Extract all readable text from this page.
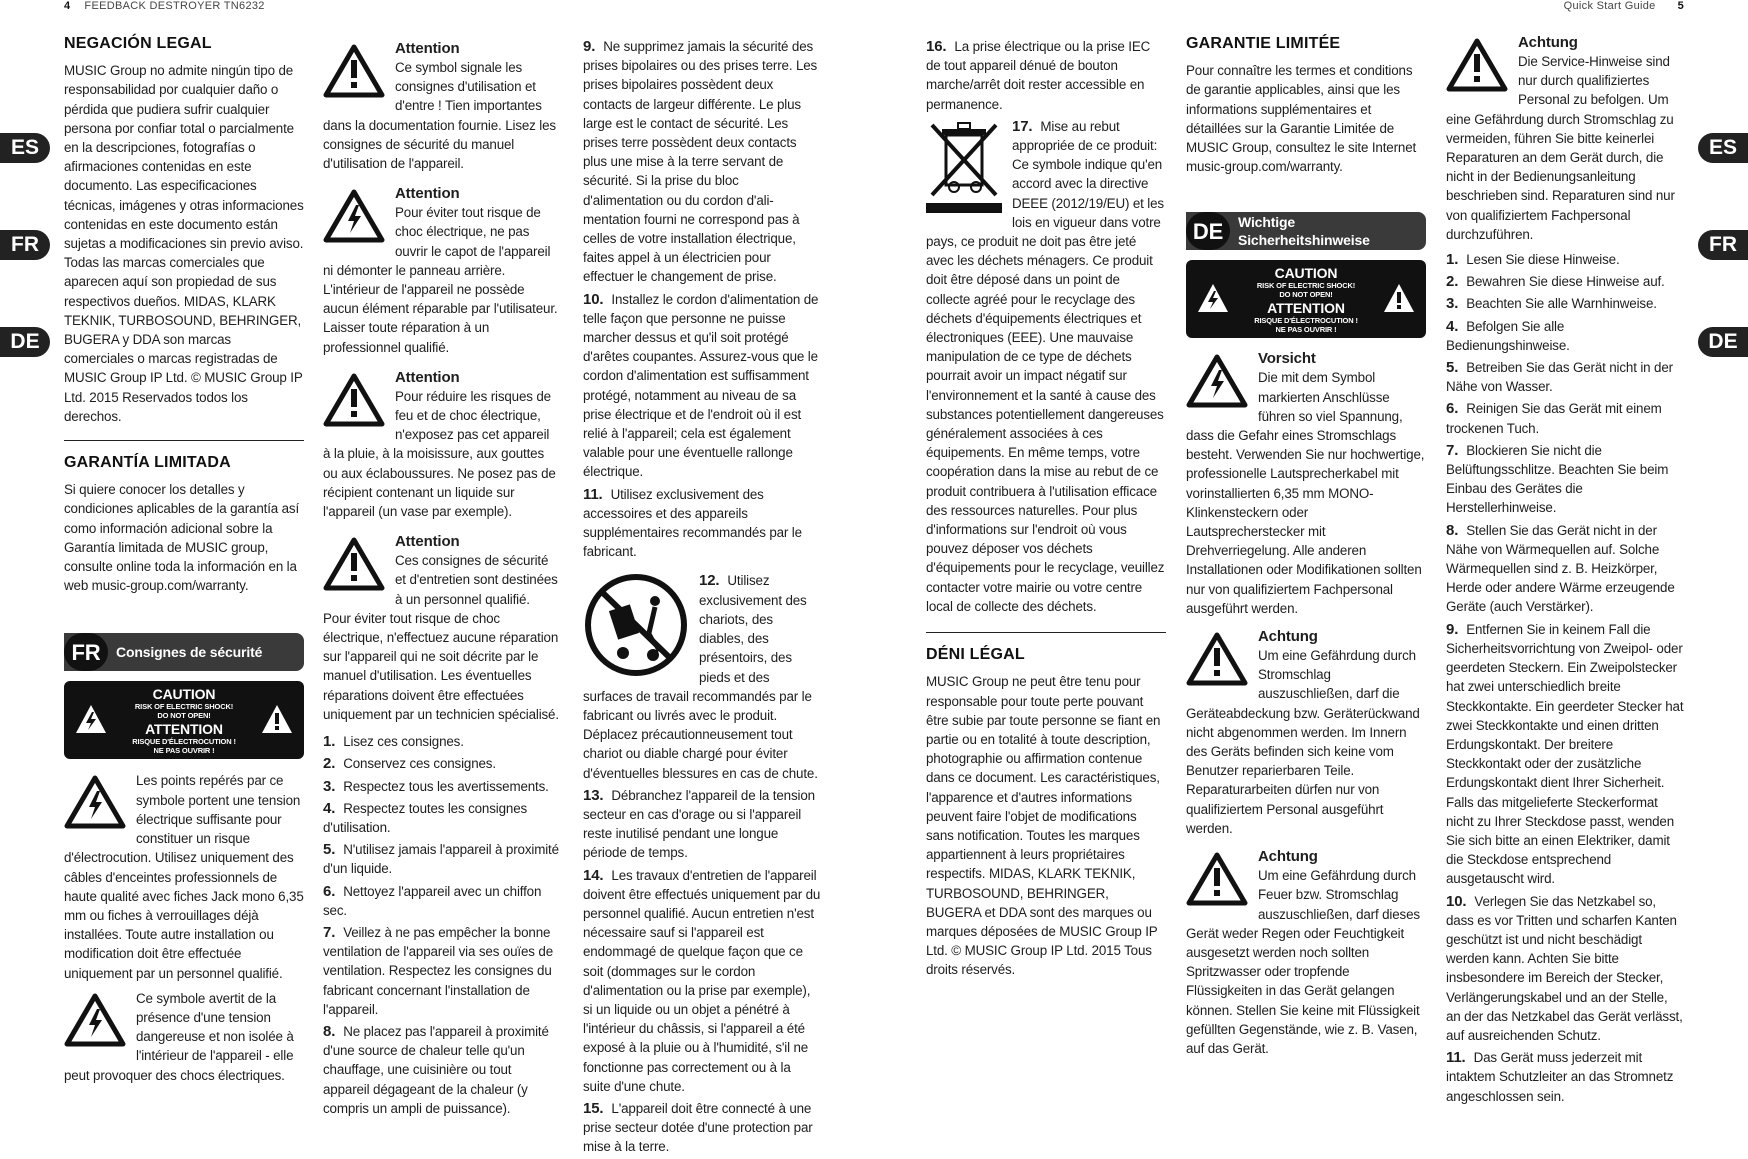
4 FEEDBACK DESTROYER TN6232	Quick Start Guide 5
ES
FR
DE
ES
FR
DE
NEGACIÓN LEGAL

MUSIC Group no admite ningún tipo de responsabilidad por cualquier daño o pérdida que pudiera sufrir cualquier persona por confiar total o parcialmente en la descripciones, fotografías o afirmaciones contenidas en este documento. Las especificaciones técnicas, imágenes y otras informaciones contenidas en este documento están sujetas a modificaciones sin previo aviso. Todas las marcas comerciales que aparecen aquí son propiedad de sus respectivos dueños. MIDAS, KLARK TEKNIK, TURBOSOUND, BEHRINGER, BUGERA y DDA son marcas comerciales o marcas registradas de MUSIC Group IP Ltd. © MUSIC Group IP Ltd. 2015 Reservados todos los derechos.

GARANTÍA LIMITADA

Si quiere conocer los detalles y condiciones aplicables de la garantía así como información adicional sobre la Garantía limitada de MUSIC group, consulte online toda la información en la web music-group.com/warranty.

FR	Consignes de sécurité
CAUTION
RISK OF ELECTRIC SHOCK!
DO NOT OPEN!
ATTENTION
RISQUE D'ÉLECTROCUTION !
NE PAS OUVRIR !

Les points repérés par ce symbole portent une tension électrique suffisante pour constituer un risque d'électrocution. Utilisez uniquement des câbles d'enceintes professionnels de haute qualité avec fiches Jack mono 6,35 mm ou fiches à verrouillages déjà installées. Toute autre installation ou modification doit être effectuée uniquement par un personnel qualifié.

Ce symbole avertit de la présence d'une tension dangereuse et non isolée à l'intérieur de l'appareil - elle peut provoquer des chocs électriques.

Attention

Ce symbol signale les consignes d'utilisation et d'entre ! Tien importantes dans la documentation fournie. Lisez les consignes de sécurité du manuel d'utilisation de l'appareil.

Attention

Pour éviter tout risque de choc électrique, ne pas ouvrir le capot de l'appareil ni démonter le panneau arrière. L'intérieur de l'appareil ne possède aucun élément réparable par l'utilisateur. Laisser toute réparation à un professionnel qualifié.

Attention

Pour réduire les risques de feu et de choc électrique, n'exposez pas cet appareil à la pluie, à la moisissure, aux gouttes ou aux éclaboussures. Ne posez pas de récipient contenant un liquide sur l'appareil (un vase par exemple).

Attention

Ces consignes de sécurité et d'entretien sont destinées à un personnel qualifié. Pour éviter tout risque de choc électrique, n'effectuez aucune réparation sur l'appareil qui ne soit décrite par le manuel d'utilisation. Les éventuelles réparations doivent être effectuées uniquement par un technicien spécialisé.

1. Lisez ces consignes.
2. Conservez ces consignes.
3. Respectez tous les avertissements.
4. Respectez toutes les consignes d'utilisation.
5. N'utilisez jamais l'appareil à proximité d'un liquide.
6. Nettoyez l'appareil avec un chiffon sec.
7. Veillez à ne pas empêcher la bonne ventilation de l'appareil via ses ouïes de ventilation. Respectez les consignes du fabricant concernant l'installation de l'appareil.
8. Ne placez pas l'appareil à proximité d'une source de chaleur telle qu'un chauffage, une cuisinière ou tout appareil dégageant de la chaleur (y compris un ampli de puissance).
9. Ne supprimez jamais la sécurité des prises bipolaires ou des prises terre. Les prises bipolaires possèdent deux contacts de largeur différente. Le plus large est le contact de sécurité. Les prises terre possèdent deux contacts plus une mise à la terre servant de sécurité. Si la prise du bloc d'alimentation ou du cordon d'ali-mentation fourni ne correspond pas à celles de votre installation électrique, faites appel à un électricien pour effectuer le changement de prise.
10. Installez le cordon d'alimentation de telle façon que personne ne puisse marcher dessus et qu'il soit protégé d'arêtes coupantes. Assurez-vous que le cordon d'alimentation est suffisamment protégé, notamment au niveau de sa prise électrique et de l'endroit où il est relié à l'appareil; cela est également valable pour une éventuelle rallonge électrique.
11. Utilisez exclusivement des accessoires et des appareils supplémentaires recommandés par le fabricant.
12. Utilisez exclusivement des chariots, des diables, des présentoirs, des pieds et des surfaces de travail recommandés par le fabricant ou livrés avec le produit. Déplacez précautionneusement tout chariot ou diable chargé pour éviter d'éventuelles blessures en cas de chute.
13. Débranchez l'appareil de la tension secteur en cas d'orage ou si l'appareil reste inutilisé pendant une longue période de temps.
14. Les travaux d'entretien de l'appareil doivent être effectués uniquement par du personnel qualifié. Aucun entretien n'est nécessaire sauf si l'appareil est endommagé de quelque façon que ce soit (dommages sur le cordon d'alimentation ou la prise par exemple), si un liquide ou un objet a pénétré à l'intérieur du châssis, si l'appareil a été exposé à la pluie ou à l'humidité, s'il ne fonctionne pas correctement ou à la suite d'une chute.
15. L'appareil doit être connecté à une prise secteur dotée d'une protection par mise à la terre.
16. La prise électrique ou la prise IEC de tout appareil dénué de bouton marche/arrêt doit rester accessible en permanence.
17. Mise au rebut appropriée de ce produit: Ce symbole indique qu'en accord avec la directive DEEE (2012/19/EU) et les lois en vigueur dans votre pays, ce produit ne doit pas être jeté avec les déchets ménagers. Ce produit doit être déposé dans un point de collecte agréé pour le recyclage des déchets d'équipements électriques et électroniques (EEE). Une mauvaise manipulation de ce type de déchets pourrait avoir un impact négatif sur l'environnement et la santé à cause des substances potentiellement dangereuses généralement associées à ces équipements. En même temps, votre coopération dans la mise au rebut de ce produit contribuera à l'utilisation efficace des ressources naturelles. Pour plus d'informations sur l'endroit où vous pouvez déposer vos déchets d'équipements pour le recyclage, veuillez contacter votre mairie ou votre centre local de collecte des déchets.
DÉNI LÉGAL

MUSIC Group ne peut être tenu pour responsable pour toute perte pouvant être subie par toute personne se fiant en partie ou en totalité à toute description, photographie ou affirmation contenue dans ce document. Les caractéristiques, l'apparence et d'autres informations peuvent faire l'objet de modifications sans notification. Toutes les marques appartiennent à leurs propriétaires respectifs. MIDAS, KLARK TEKNIK, TURBOSOUND, BEHRINGER, BUGERA et DDA sont des marques ou marques déposées de MUSIC Group IP Ltd. © MUSIC Group IP Ltd. 2015 Tous droits réservés.

GARANTIE LIMITÉE

Pour connaître les termes et conditions de garantie applicables, ainsi que les informations supplémentaires et détaillées sur la Garantie Limitée de MUSIC Group, consultez le site Internet music-group.com/warranty.

DE	Wichtige
Sicherheitshinweise
CAUTION
RISK OF ELECTRIC SHOCK!
DO NOT OPEN!
ATTENTION
RISQUE D'ÉLECTROCUTION !
NE PAS OUVRIR !
Vorsicht

Die mit dem Symbol markierten Anschlüsse führen so viel Spannung, dass die Gefahr eines Stromschlags besteht. Verwenden Sie nur hochwertige, professionelle Lautsprecherkabel mit vorinstallierten 6,35 mm MONO-Klinkensteckern oder Lautsprecherstecker mit Drehverriegelung. Alle anderen Installationen oder Modifikationen sollten nur von qualifiziertem Fachpersonal ausgeführt werden.

Achtung

Um eine Gefährdung durch Stromschlag auszuschließen, darf die Geräteabdeckung bzw. Geräterückwand nicht abgenommen werden. Im Innern des Geräts befinden sich keine vom Benutzer reparierbaren Teile. Reparaturarbeiten dürfen nur von qualifiziertem Personal ausgeführt werden.

Achtung

Um eine Gefährdung durch Feuer bzw. Stromschlag auszuschließen, darf dieses Gerät weder Regen oder Feuchtigkeit ausgesetzt werden noch sollten Spritzwasser oder tropfende Flüssigkeiten in das Gerät gelangen können. Stellen Sie keine mit Flüssigkeit gefüllten Gegenstände, wie z. B. Vasen, auf das Gerät.

Achtung

Die Service-Hinweise sind nur durch qualifiziertes Personal zu befolgen. Um eine Gefährdung durch Stromschlag zu vermeiden, führen Sie bitte keinerlei Reparaturen an dem Gerät durch, die nicht in der Bedienungsanleitung beschrieben sind. Reparaturen sind nur von qualifiziertem Fachpersonal durchzuführen.

1. Lesen Sie diese Hinweise.
2. Bewahren Sie diese Hinweise auf.
3. Beachten Sie alle Warnhinweise.
4. Befolgen Sie alle Bedienungshinweise.
5. Betreiben Sie das Gerät nicht in der Nähe von Wasser.
6. Reinigen Sie das Gerät mit einem trockenen Tuch.
7. Blockieren Sie nicht die Belüftungsschlitze. Beachten Sie beim Einbau des Gerätes die Herstellerhinweise.
8. Stellen Sie das Gerät nicht in der Nähe von Wärmequellen auf. Solche Wärmequellen sind z. B. Heizkörper, Herde oder andere Wärme erzeugende Geräte (auch Verstärker).
9. Entfernen Sie in keinem Fall die Sicherheitsvorrichtung von Zweipol- oder geerdeten Steckern. Ein Zweipolstecker hat zwei unterschiedlich breite Steckkontakte. Ein geerdeter Stecker hat zwei Steckkontakte und einen dritten Erdungskontakt. Der breitere Steckkontakt oder der zusätzliche Erdungskontakt dient Ihrer Sicherheit. Falls das mitgelieferte Steckerformat nicht zu Ihrer Steckdose passt, wenden Sie sich bitte an einen Elektriker, damit die Steckdose entsprechend ausgetauscht wird.
10. Verlegen Sie das Netzkabel so, dass es vor Tritten und scharfen Kanten geschützt ist und nicht beschädigt werden kann. Achten Sie bitte insbesondere im Bereich der Stecker, Verlängerungskabel und an der Stelle, an der das Netzkabel das Gerät verlässt, auf ausreichenden Schutz.
11. Das Gerät muss jederzeit mit intaktem Schutzleiter an das Stromnetz angeschlossen sein.
